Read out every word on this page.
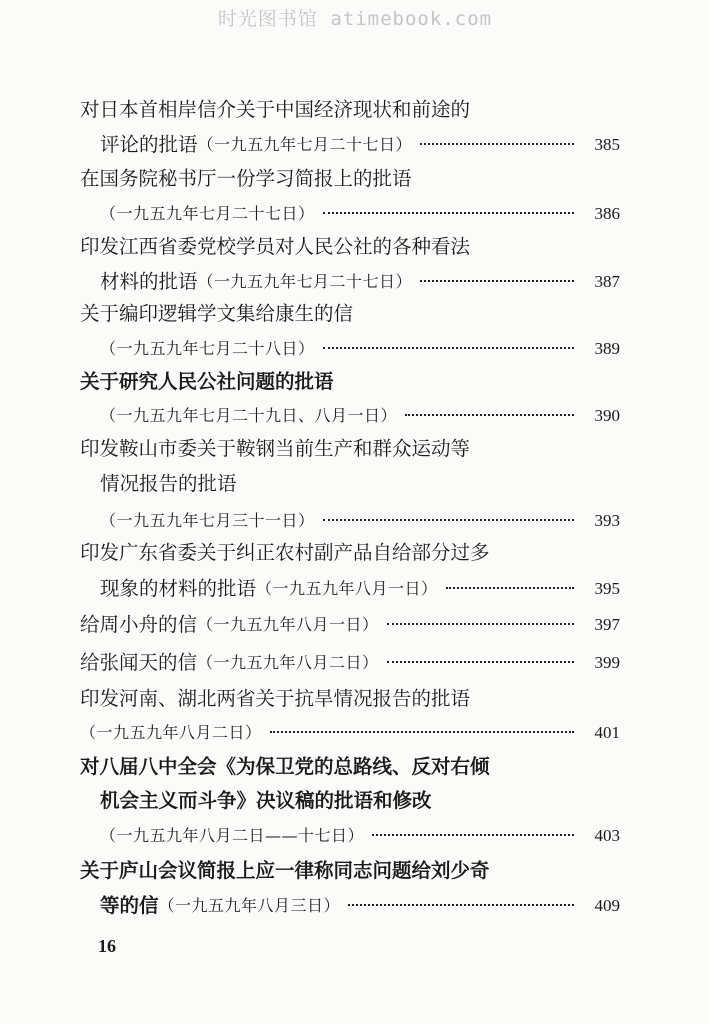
时光图书馆 atimebook.com
对日本首相岸信介关于中国经济现状和前途的
评论的批语 （一九五九年七月二十七日）	385
在国务院秘书厅一份学习简报上的批语
（一九五九年七月二十七日）	386
印发江西省委党校学员对人民公社的各种看法
材料的批语 （一九五九年七月二十七日）	387
关于编印逻辑学文集给康生的信
（一九五九年七月二十八日）	389
关于研究人民公社问题的批语
（一九五九年七月二十九日、八月一日）	390
印发鞍山市委关于鞍钢当前生产和群众运动等
情况报告的批语
（一九五九年七月三十一日）	393
印发广东省委关于纠正农村副产品自给部分过多
现象的材料的批语 （一九五九年八月一日）	395
给周小舟的信 （一九五九年八月一日）	397
给张闻天的信 （一九五九年八月二日）	399
印发河南、湖北两省关于抗旱情况报告的批语
（一九五九年八月二日）	401
对八届八中全会《为保卫党的总路线、反对右倾
机会主义而斗争》决议稿的批语和修改
（一九五九年八月二日——十七日）	403
关于庐山会议简报上应一律称同志问题给刘少奇
等的信 （一九五九年八月三日）	409
16
